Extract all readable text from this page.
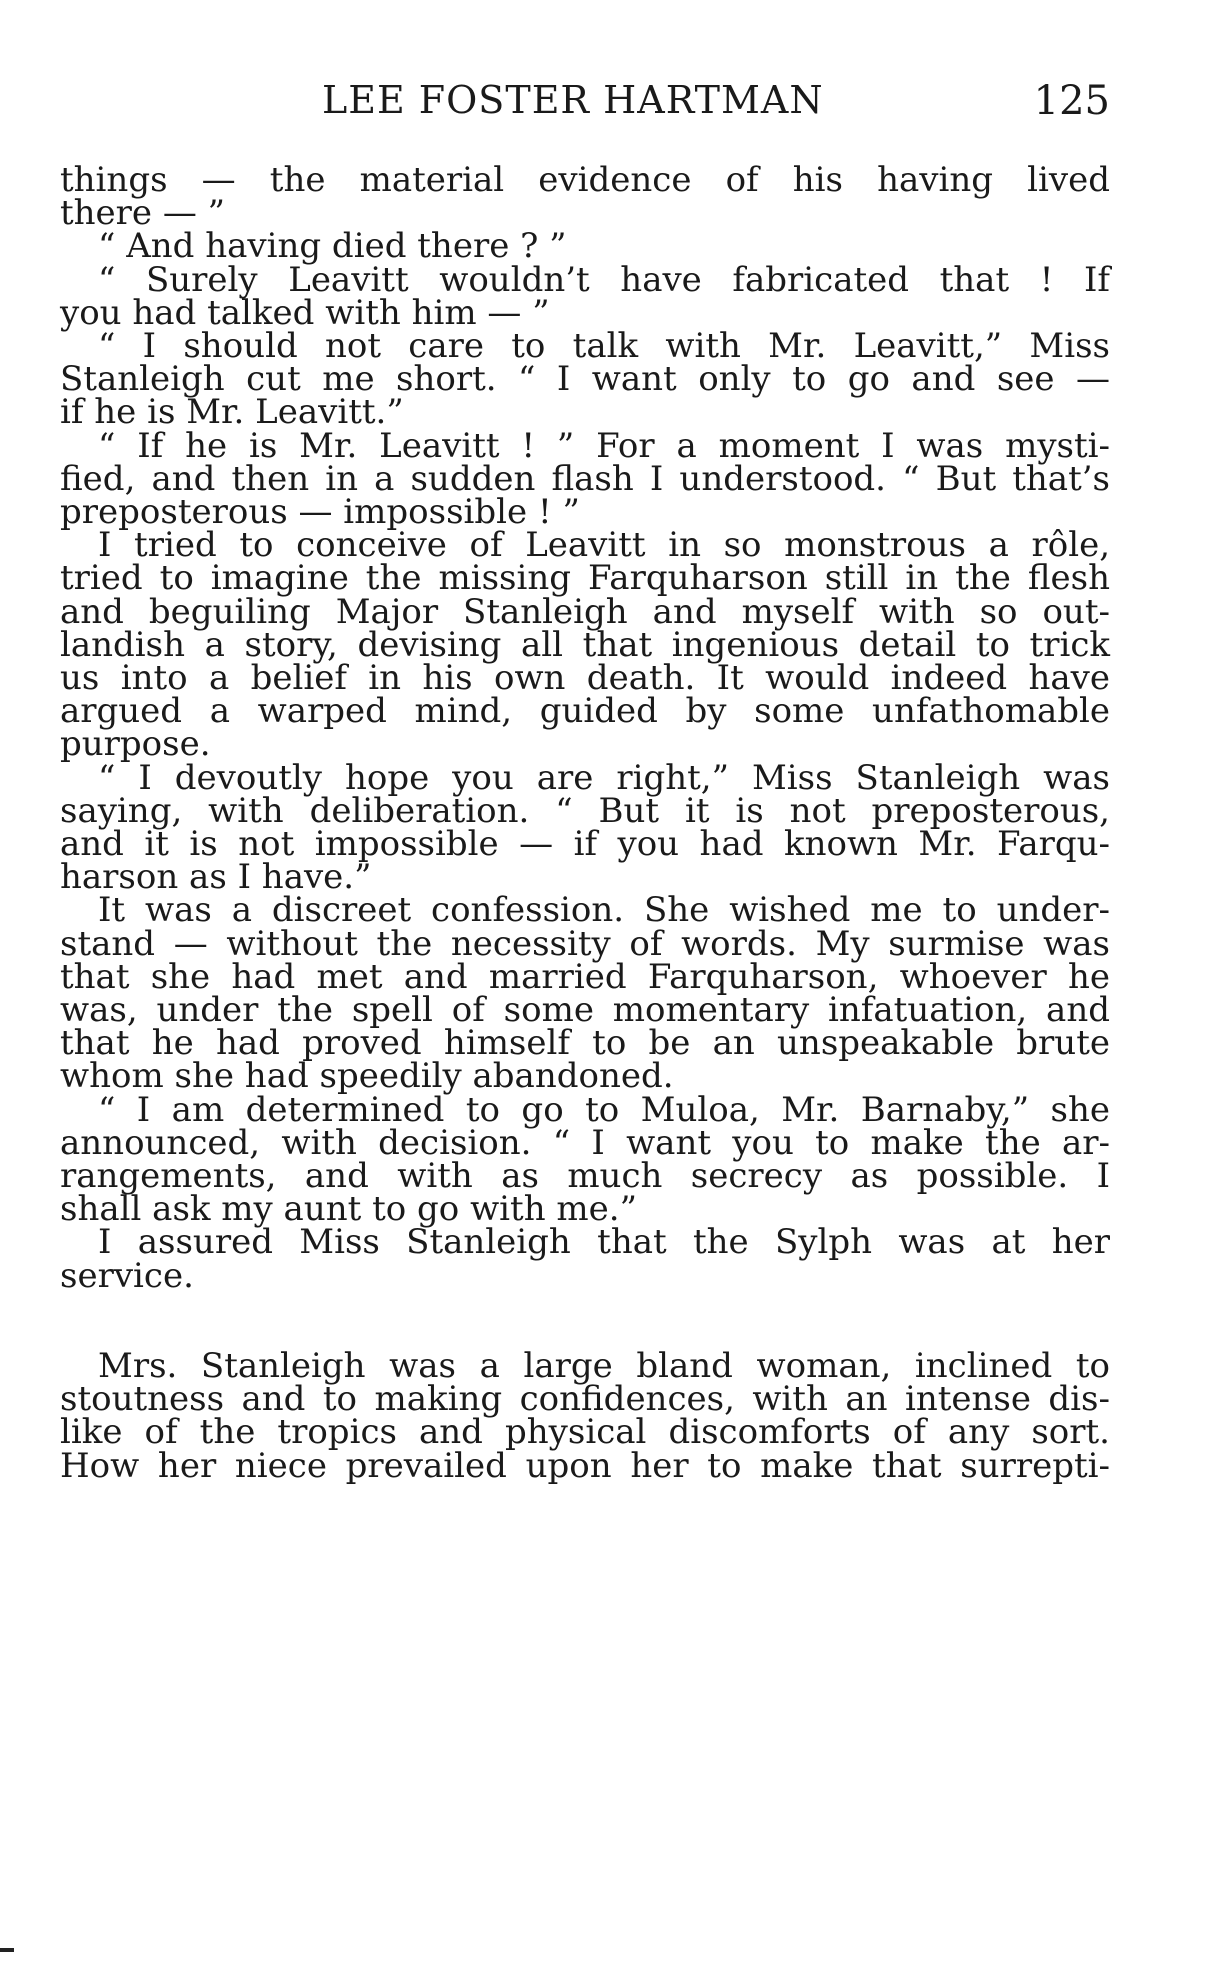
LEE FOSTER HARTMAN	125
things — the material evidence of his having lived
there — ”
“ And having died there ? ”
“ Surely Leavitt wouldn’t have fabricated that ! If
you had talked with him — ”
“ I should not care to talk with Mr. Leavitt,” Miss
Stanleigh cut me short. “ I want only to go and see —
if he is Mr. Leavitt.”
“ If he is Mr. Leavitt ! ” For a moment I was mysti-
fied, and then in a sudden flash I understood. “ But that’s
preposterous — impossible ! ”
I tried to conceive of Leavitt in so monstrous a rôle,
tried to imagine the missing Farquharson still in the flesh
and beguiling Major Stanleigh and myself with so out-
landish a story, devising all that ingenious detail to trick
us into a belief in his own death. It would indeed have
argued a warped mind, guided by some unfathomable
purpose.
“ I devoutly hope you are right,” Miss Stanleigh was
saying, with deliberation. “ But it is not preposterous,
and it is not impossible — if you had known Mr. Farqu-
harson as I have.”
It was a discreet confession. She wished me to under-
stand — without the necessity of words. My surmise was
that she had met and married Farquharson, whoever he
was, under the spell of some momentary infatuation, and
that he had proved himself to be an unspeakable brute
whom she had speedily abandoned.
“ I am determined to go to Muloa, Mr. Barnaby,” she
announced, with decision. “ I want you to make the ar-
rangements, and with as much secrecy as possible. I
shall ask my aunt to go with me.”
I assured Miss Stanleigh that the Sylph was at her
service.
Mrs. Stanleigh was a large bland woman, inclined to
stoutness and to making confidences, with an intense dis-
like of the tropics and physical discomforts of any sort.
How her niece prevailed upon her to make that surrepti-
